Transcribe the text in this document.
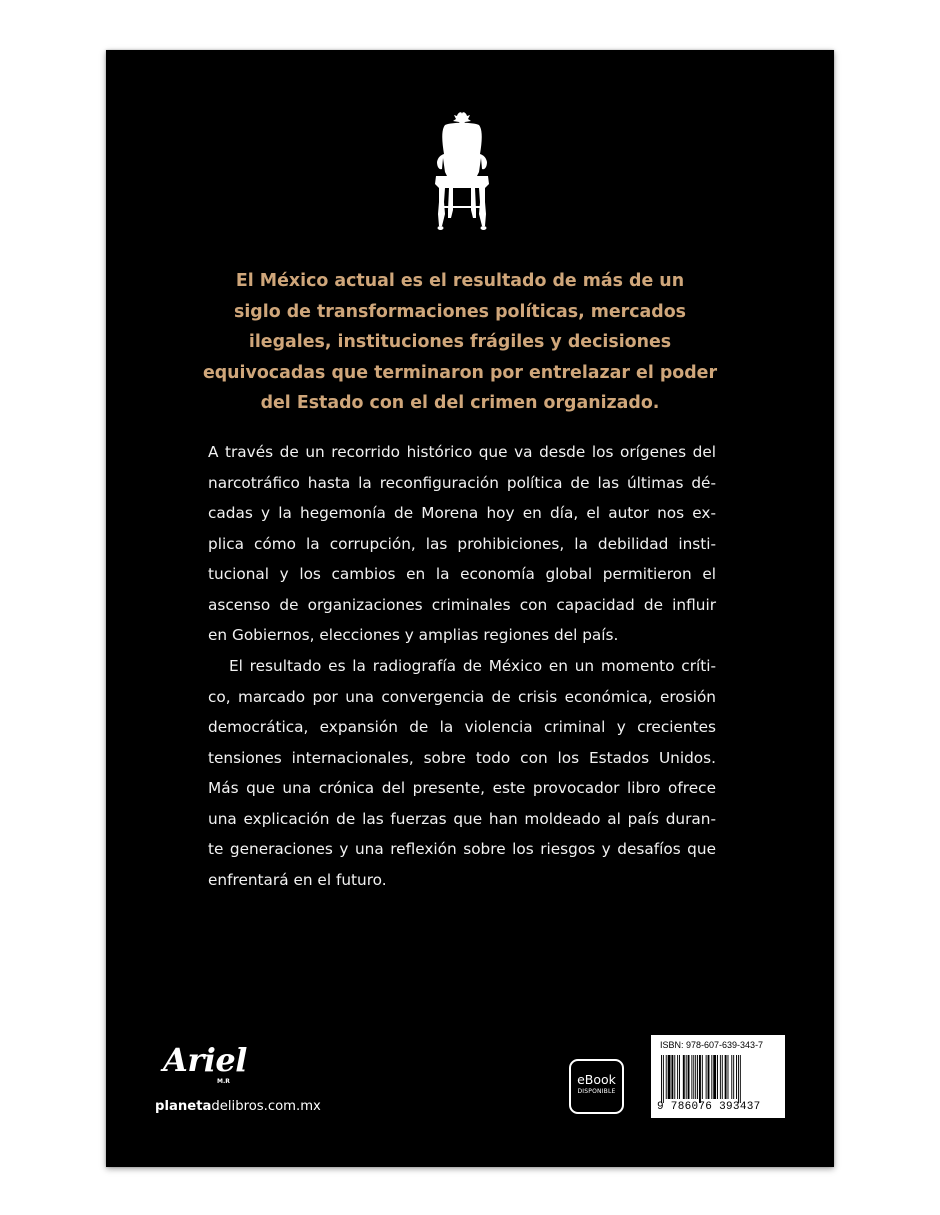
El México actual es el resultado de más de un
siglo de transformaciones políticas, mercados
ilegales, instituciones frágiles y decisiones
equivocadas que terminaron por entrelazar el poder
del Estado con el del crimen organizado.
A través de un recorrido histórico que va desde los orígenes del
narcotráfico hasta la reconfiguración política de las últimas dé-
cadas y la hegemonía de Morena hoy en día, el autor nos ex-
plica cómo la corrupción, las prohibiciones, la debilidad insti-
tucional y los cambios en la economía global permitieron el
ascenso de organizaciones criminales con capacidad de influir
en Gobiernos, elecciones y amplias regiones del país.
El resultado es la radiografía de México en un momento críti-
co, marcado por una convergencia de crisis económica, erosión
democrática, expansión de la violencia criminal y crecientes
tensiones internacionales, sobre todo con los Estados Unidos.
Más que una crónica del presente, este provocador libro ofrece
una explicación de las fuerzas que han moldeado al país duran-
te generaciones y una reflexión sobre los riesgos y desafíos que
enfrentará en el futuro.
Ariel
M.R
planetadelibros.com.mx
eBook
DISPONIBLE
ISBN: 978-607-639-343-7
9 786076 393437
